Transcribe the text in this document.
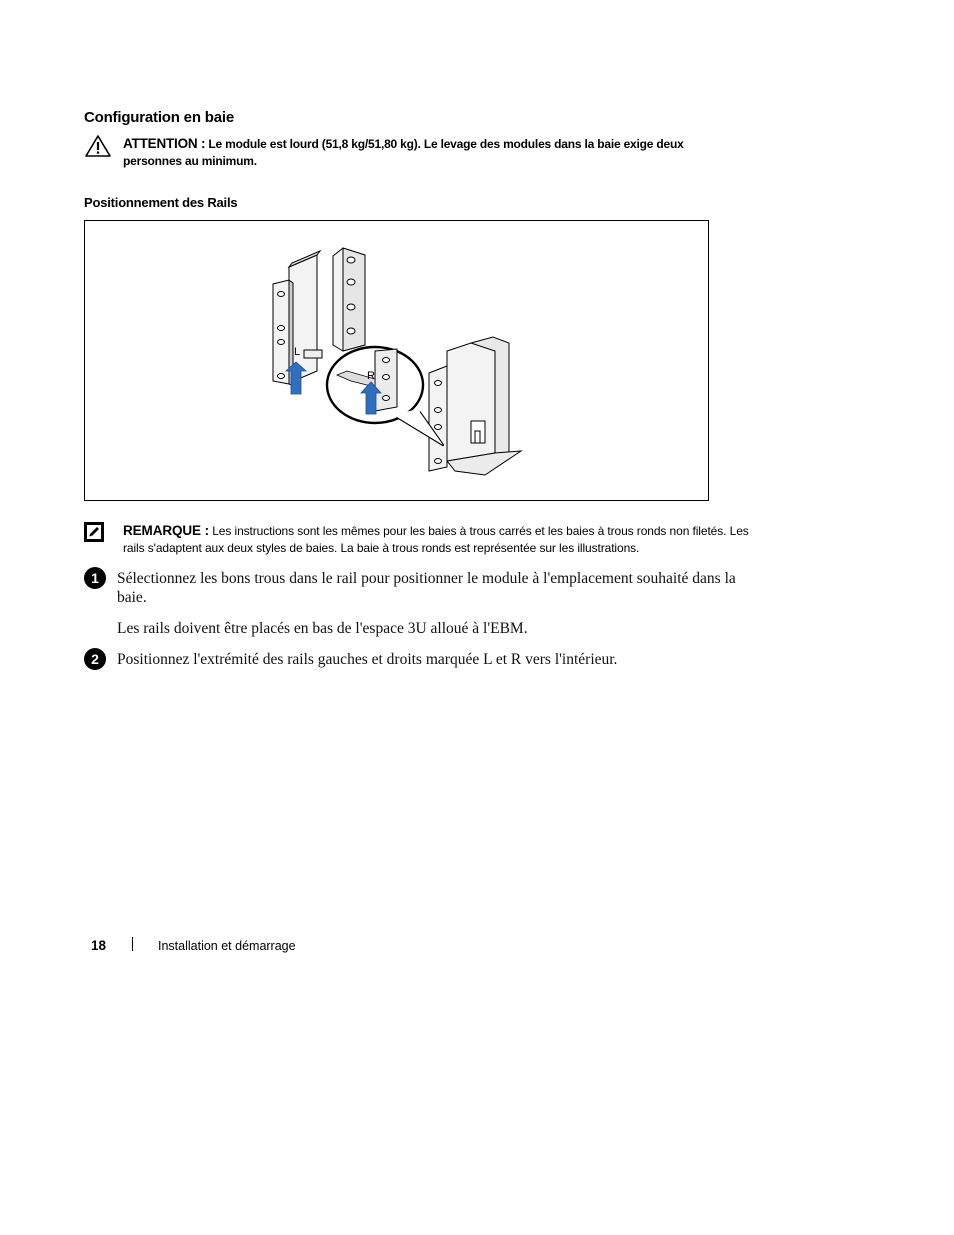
Configuration en baie
ATTENTION : Le module est lourd (51,8 kg/51,80 kg). Le levage des modules dans la baie exige deux personnes au minimum.
Positionnement des Rails
L
R
REMARQUE : Les instructions sont les mêmes pour les baies à trous carrés et les baies à trous ronds non filetés. Les rails s'adaptent aux deux styles de baies. La baie à trous ronds est représentée sur les illustrations.
1	Sélectionnez les bons trous dans le rail pour positionner le module à l'emplacement souhaité dans la baie.
Les rails doivent être placés en bas de l'espace 3U alloué à l'EBM.
2	Positionnez l'extrémité des rails gauches et droits marquée L et R vers l'intérieur.
18	Installation et démarrage
